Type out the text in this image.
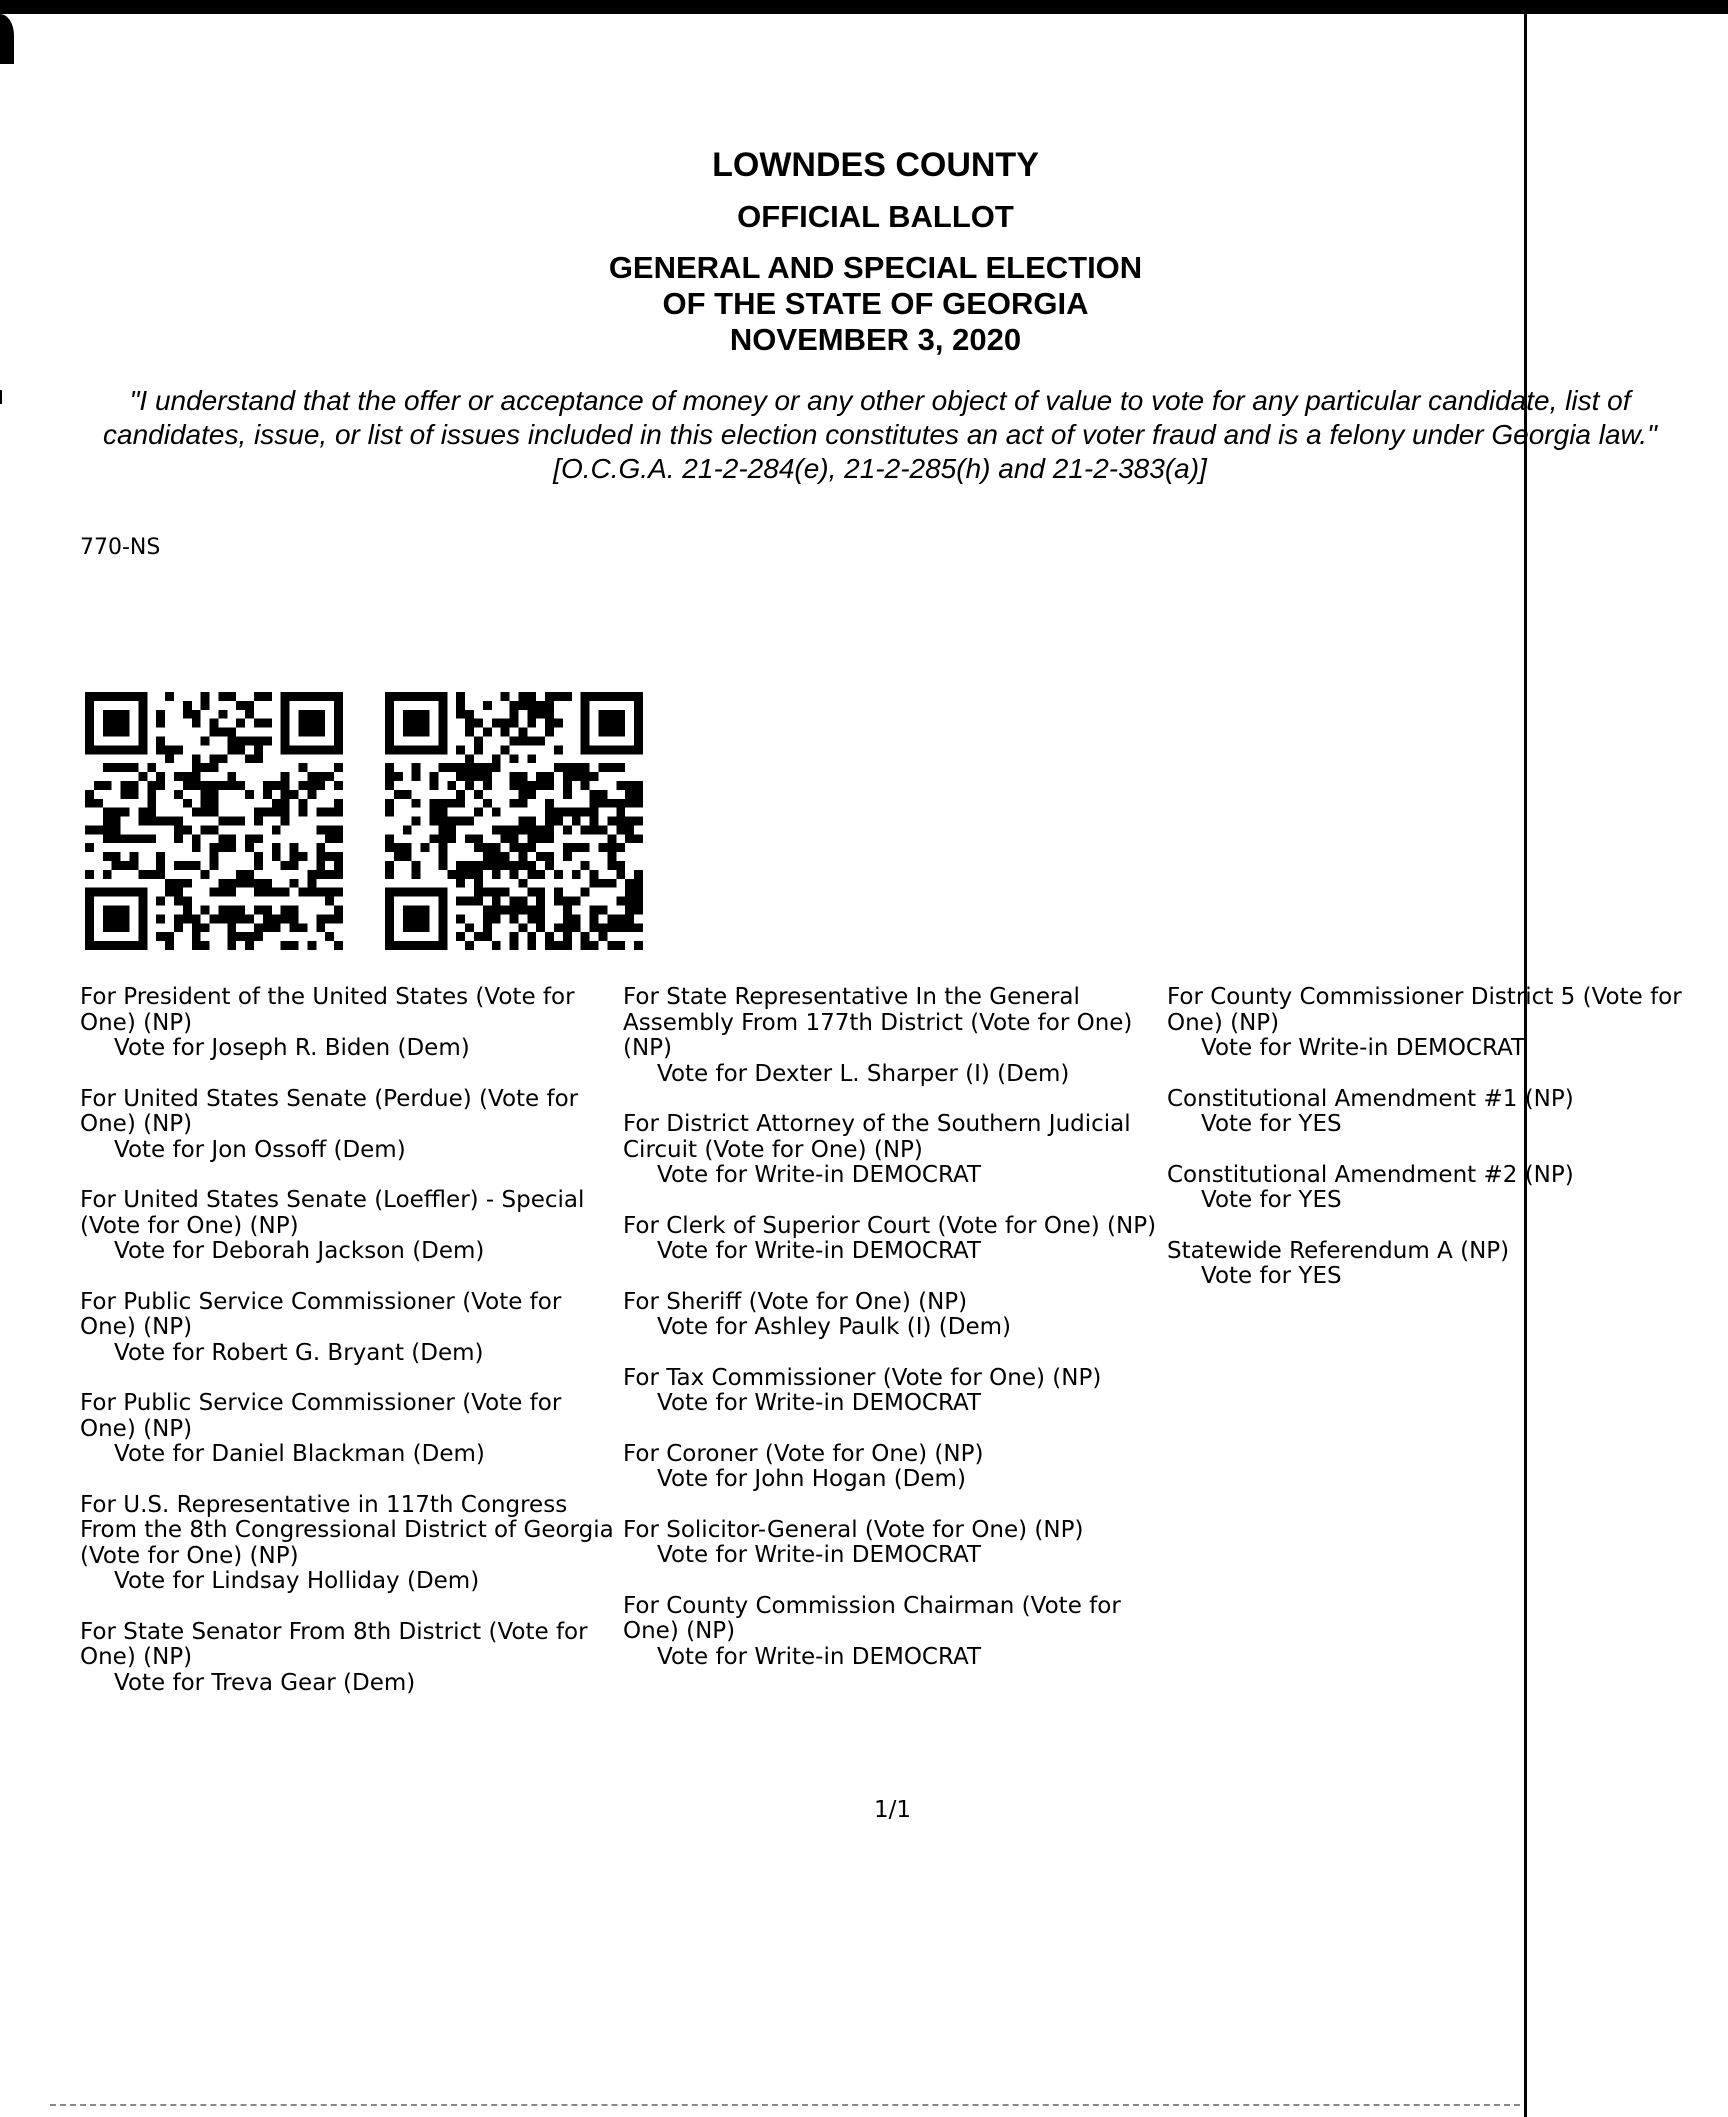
LOWNDES COUNTY
OFFICIAL BALLOT
GENERAL AND SPECIAL ELECTION
OF THE STATE OF GEORGIA
NOVEMBER 3, 2020
"I understand that the offer or acceptance of money or any other object of value to vote for any particular candidate, list of candidates, issue, or list of issues included in this election constitutes an act of voter fraud and is a felony under Georgia law." [O.C.G.A. 21-2-284(e), 21-2-285(h) and 21-2-383(a)]
770-NS
For President of the United States (Vote for One) (NP)
Vote for Joseph R. Biden (Dem)
For United States Senate (Perdue) (Vote for One) (NP)
Vote for Jon Ossoff (Dem)
For United States Senate (Loeffler) - Special (Vote for One) (NP)
Vote for Deborah Jackson (Dem)
For Public Service Commissioner (Vote for One) (NP)
Vote for Robert G. Bryant (Dem)
For Public Service Commissioner (Vote for One) (NP)
Vote for Daniel Blackman (Dem)
For U.S. Representative in 117th Congress From the 8th Congressional District of Georgia (Vote for One) (NP)
Vote for Lindsay Holliday (Dem)
For State Senator From 8th District (Vote for One) (NP)
Vote for Treva Gear (Dem)
For State Representative In the General Assembly From 177th District (Vote for One) (NP)
Vote for Dexter L. Sharper (I) (Dem)
For District Attorney of the Southern Judicial Circuit (Vote for One) (NP)
Vote for Write-in DEMOCRAT
For Clerk of Superior Court (Vote for One) (NP)
Vote for Write-in DEMOCRAT
For Sheriff (Vote for One) (NP)
Vote for Ashley Paulk (I) (Dem)
For Tax Commissioner (Vote for One) (NP)
Vote for Write-in DEMOCRAT
For Coroner (Vote for One) (NP)
Vote for John Hogan (Dem)
For Solicitor-General (Vote for One) (NP)
Vote for Write-in DEMOCRAT
For County Commission Chairman (Vote for One) (NP)
Vote for Write-in DEMOCRAT
For County Commissioner District 5 (Vote for One) (NP)
Vote for Write-in DEMOCRAT
Constitutional Amendment #1 (NP)
Vote for YES
Constitutional Amendment #2 (NP)
Vote for YES
Statewide Referendum A (NP)
Vote for YES
1/1
